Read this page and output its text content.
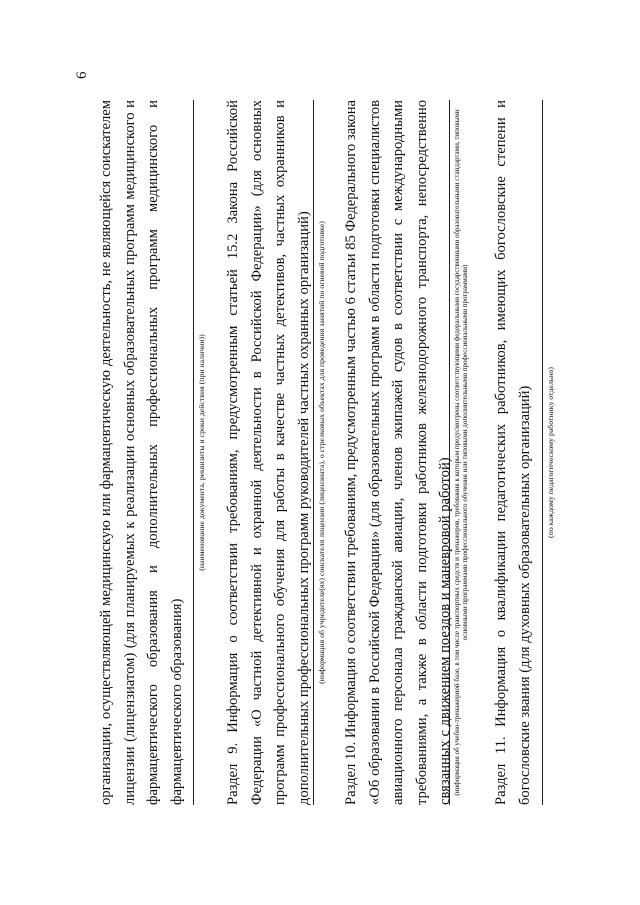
6
организации, осуществляющей медицинскую или фармацевтическую деятельность, не являющейся соискателем лицензии (лицензиатом) (для планируемых к реализации основных образовательных программ медицинского и фармацевтического образования и дополнительных профессиональных программ медицинского и фармацевтического образования)
(наименование документа, реквизиты и сроки действия (при наличии)) Раздел 9. Информация о соответствии требованиям, предусмотренным статьей 15.2 Закона Российской Федерации «О частной детективной и охранной деятельности в Российской Федерации» (для основных программ профессионального обучения для работы в качестве частных детективов, частных охранников и дополнительных профессиональных программ руководителей частных охранных организаций) (информация об учредителе(ях) соискателя лицензии (лицензиата), о стрелковых объектах для проведения занятий по огневой подготовке) Раздел 10. Информация о соответствии требованиям, предусмотренным частью 6 статьи 85 Федерального закона «Об образовании в Российской Федерации» (для образовательных программ в области подготовки специалистов авиационного персонала гражданской авиации, членов экипажей судов в соответствии с международными требованиями, а также в области подготовки работников железнодорожного транспорта, непосредственно связанных с движением поездов и маневровой работой) (информация об учебно-тренажерной базе, в том числе транспортных средств и тренажеров, требования к которым предусмотрены соответствующими федеральными государственными образовательными стандартами, типовыми основными программами профессионального обучения или типовыми дополнительными профессиональными программами) Раздел 11. Информация о квалификации педагогических работников, имеющих богословские степени и богословские звания (для духовных образовательных организаций)	(по каждому педагогическому работнику отдельно)
